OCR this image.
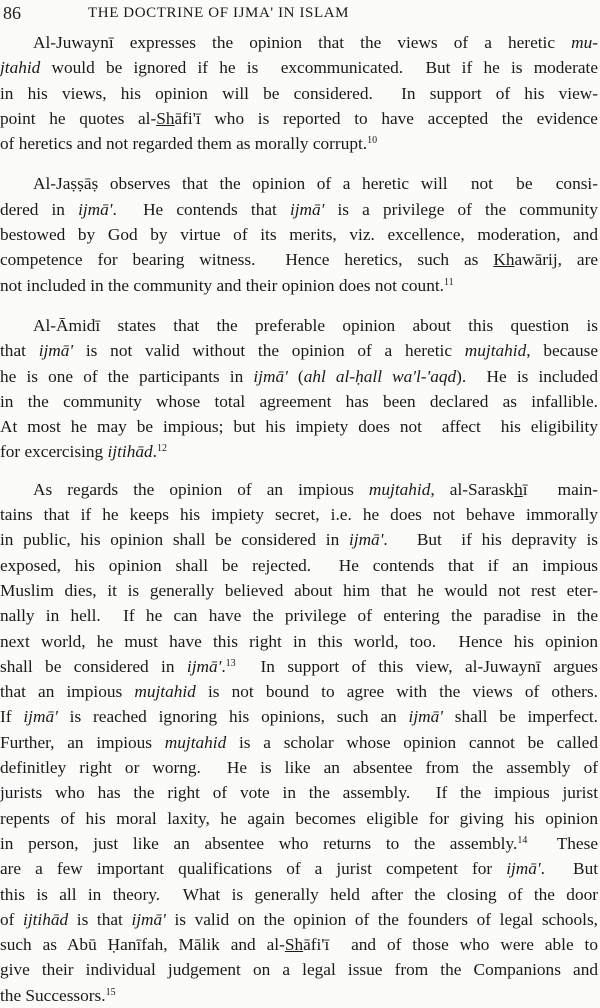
86	THE DOCTRINE OF IJMA' IN ISLAM
Al-Juwaynī expresses the opinion that the views of a heretic mu-
jtahid would be ignored if he is  excommunicated.  But if he is moderate
in his views, his opinion will be considered.  In support of his view-
point he quotes al-Shāfi'ī who is reported to have accepted the evidence
of heretics and not regarded them as morally corrupt.$^{10}$
Al-Jaṣṣāṣ observes that the opinion of a heretic will  not  be  consi-
dered in ijmā'.  He contends that ijmā' is a privilege of the community
bestowed by God by virtue of its merits, viz. excellence, moderation, and
competence for bearing witness.  Hence heretics, such as Khawārij, are
not included in the community and their opinion does not count.$^{11}$
Al-Āmidī states that the preferable opinion about this question is
that ijmā' is not valid without the opinion of a heretic mujtahid, because
he is one of the participants in ijmā' (ahl al-ḥall wa'l-'aqd).  He is included
in the community whose total agreement has been declared as infallible.
At most he may be impious; but his impiety does not  affect  his eligibility
for excercising ijtihād.$^{12}$
As regards the opinion of an impious mujtahid, al-Saraskhī  main-
tains that if he keeps his impiety secret, i.e. he does not behave immorally
in public, his opinion shall be considered in ijmā'.   But  if his depravity is
exposed, his opinion shall be rejected.  He contends that if an impious
Muslim dies, it is generally believed about him that he would not rest eter-
nally in hell.  If he can have the privilege of entering the paradise in the
next world, he must have this right in this world, too.  Hence his opinion
shall be considered in ijmā'.$^{13}$  In support of this view, al-Juwaynī argues
that an impious mujtahid is not bound to agree with the views of others.
If ijmā' is reached ignoring his opinions, such an ijmā' shall be imperfect.
Further, an impious mujtahid is a scholar whose opinion cannot be called
definitley right or worng.  He is like an absentee from the assembly of
jurists who has the right of vote in the assembly.  If the impious jurist
repents of his moral laxity, he again becomes eligible for giving his opinion
in person, just like an absentee who returns to the assembly.$^{14}$  These
are a few important qualifications of a jurist competent for ijmā'.  But
this is all in theory.  What is generally held after the closing of the door
of ijtihād is that ijmā' is valid on the opinion of the founders of legal schools,
such as Abū Ḥanīfah, Mālik and al-Shāfi'ī  and of those who were able to
give their individual judgement on a legal issue from the Companions and
the Successors.$^{15}$
